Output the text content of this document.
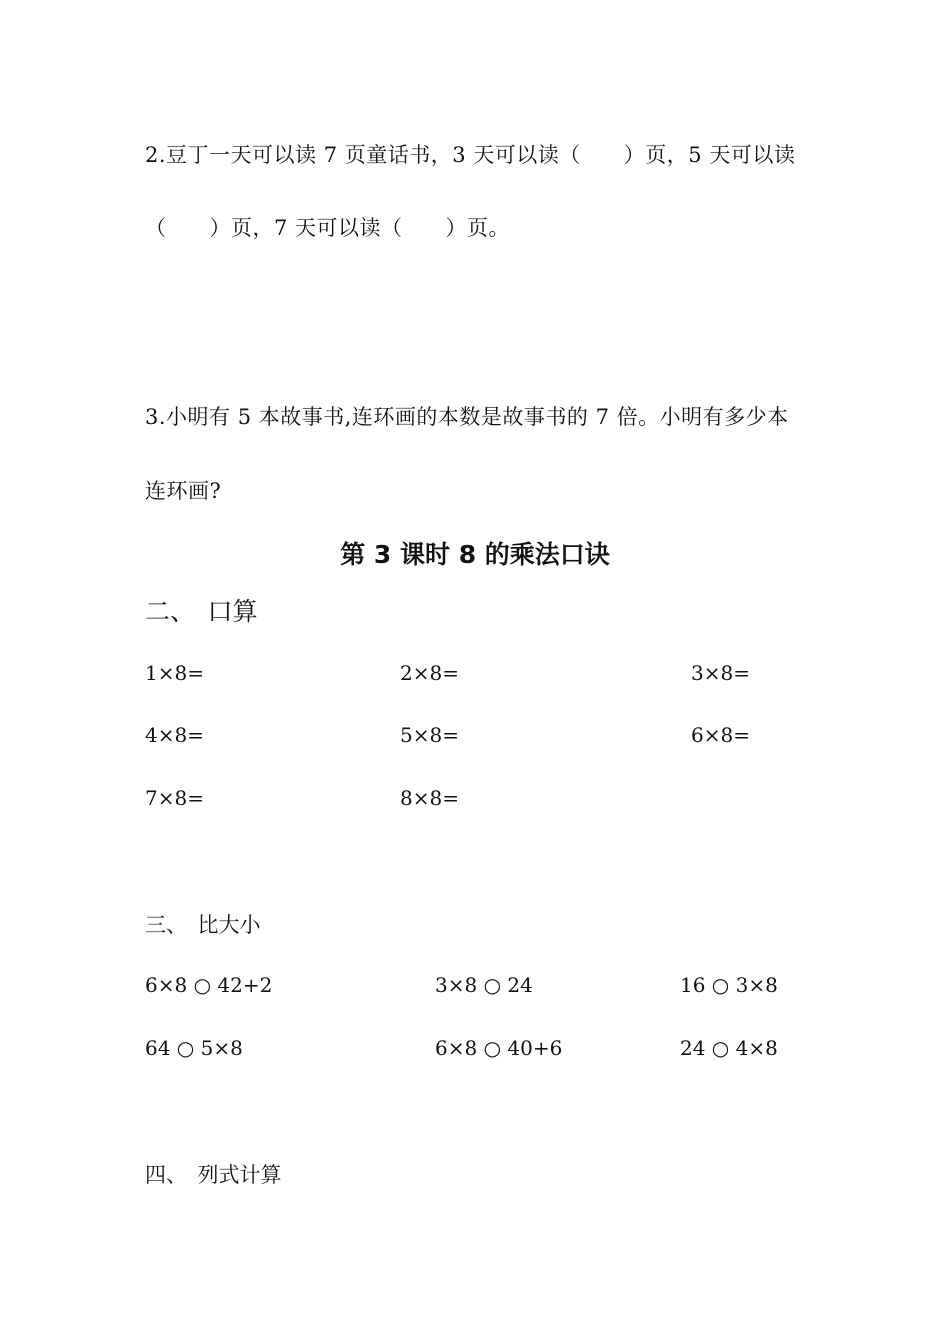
2.豆丁一天可以读 7 页童话书，3 天可以读（　　）页，5 天可以读
（　　）页，7 天可以读（　　）页。
3.小明有 5 本故事书,连环画的本数是故事书的 7 倍。小明有多少本
连环画?
第 3 课时 8 的乘法口诀
二、　口算
1×8=	2×8=	3×8=
4×8=	5×8=	6×8=
7×8=	8×8=
三、　比大小
6×8 ○ 42+2	3×8 ○ 24	16 ○ 3×8
64 ○ 5×8	6×8 ○ 40+6	24 ○ 4×8
四、　列式计算
